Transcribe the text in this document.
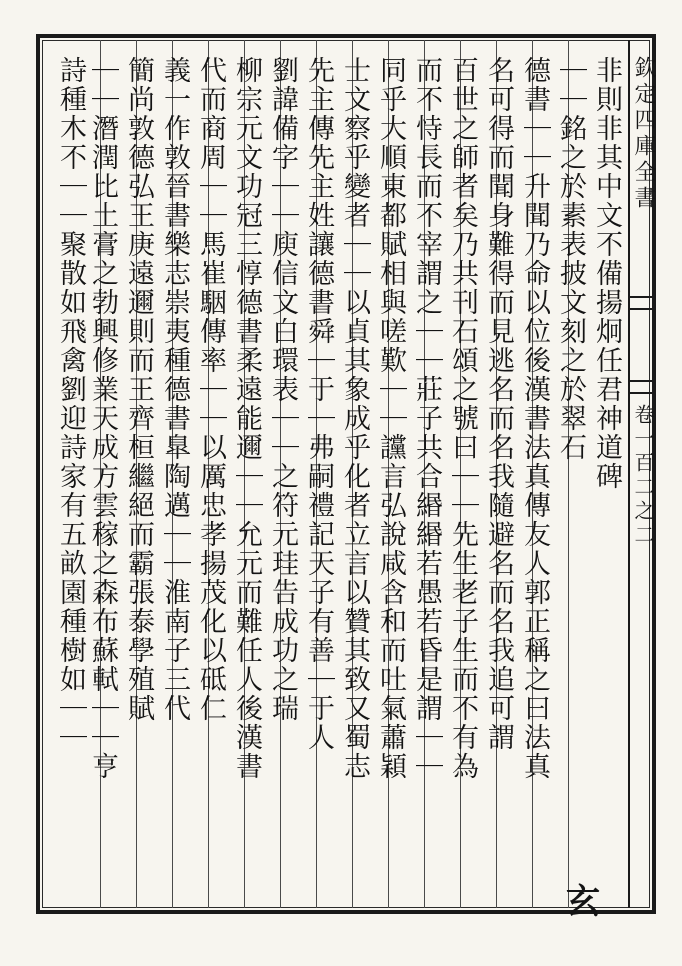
欽定四庫全書
卷一百二之二
非則非其中文不備揚炯任君神道碑
｜｜銘之於素表披文刻之於翠石
德書｜｜升聞乃命以位後漢書法真傳友人郭正稱之曰法真
名可得而聞身難得而見逃名而名我隨避名而名我追可謂
百世之師者矣乃共刊石頌之號曰｜｜先生老子生而不有為
而不恃長而不宰謂之｜｜莊子共合緡緡若愚若昏是謂｜｜
同乎大順東都賦相與嗟歎｜｜讜言弘說咸含和而吐氣蕭穎
士文察乎變者｜｜以貞其象成乎化者立言以贊其致又蜀志
先主傳先主姓讓德書舜｜于｜弗嗣禮記天子有善｜于人
劉諱備字｜｜庾信文白環表｜｜之符元珪告成功之瑞
柳宗元文功冠三惇德書柔遠能邇｜｜允元而難任人後漢書
代而商周｜｜馬崔駰傳率｜｜以厲忠孝揚茂化以砥仁
義一作敦晉書樂志崇夷種德書臯陶邁｜｜淮南子三代
簡尚敦德弘王庚遠邇則而王齊桓繼絕而霸張泰學殖賦
｜｜潛潤比土膏之勃興修業天成方雲稼之森布蘇軾｜｜亨
詩種木不｜｜聚散如飛禽劉迎詩家有五畝園種樹如｜｜
玄
